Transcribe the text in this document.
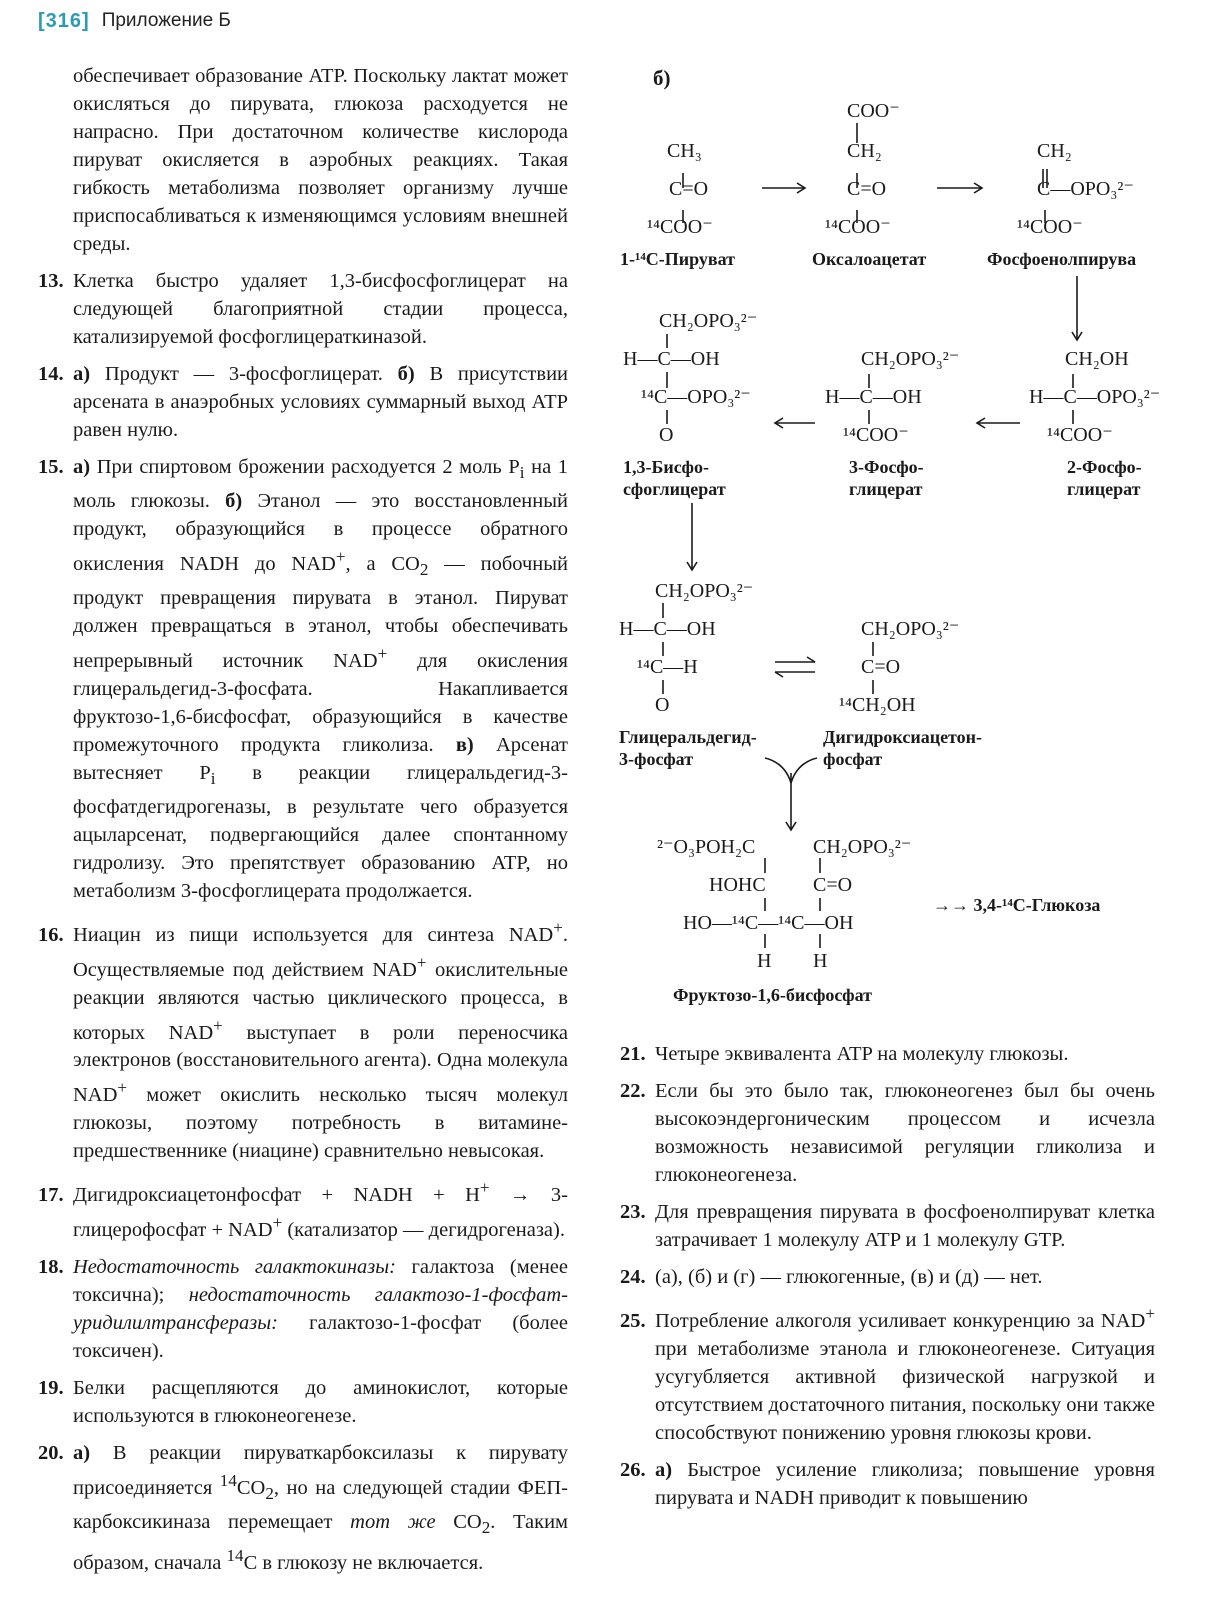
[316] Приложение Б

обеспечивает образование ATP. Поскольку лактат может окисляться до пирувата, глюкоза расходуется не напрасно. При достаточном количестве кислорода пируват окисляется в аэробных реакциях. Такая гибкость метаболизма позволяет организму лучше приспосабливаться к изменяющимся условиям внешней среды.

13. Клетка быстро удаляет 1,3-бисфосфоглицерат на следующей благоприятной стадии процесса, катализируемой фосфоглицераткиназой.

14. а) Продукт — 3-фосфоглицерат. б) В присутствии арсената в анаэробных условиях суммарный выход ATP равен нулю.

15. а) При спиртовом брожении расходуется 2 моль $P_i$ на 1 моль глюкозы. б) Этанол — это восстановленный продукт, образующийся в процессе обратного окисления NADH до NAD+, а $CO_2$ — побочный продукт превращения пирувата в этанол. Пируват должен превращаться в этанол, чтобы обеспечивать непрерывный источник NAD+ для окисления глицеральдегид-3-фосфата. Накапливается фруктозо-1,6-бисфосфат, образующийся в качестве промежуточного продукта гликолиза. в) Арсенат вытесняет $P_i$ в реакции глицеральдегид-3-фосфатдегидрогеназы, в результате чего образуется ацыларсенат, подвергающийся далее спонтанному гидролизу. Это препятствует образованию ATP, но метаболизм 3-фосфоглицерата продолжается.

16. Ниацин из пищи используется для синтеза NAD+. Осуществляемые под действием NAD+ окислительные реакции являются частью циклического процесса, в которых NAD+ выступает в роли переносчика электронов (восстановительного агента). Одна молекула NAD+ может окислить несколько тысяч молекул глюкозы, поэтому потребность в витамине-предшественнике (ниацине) сравнительно невысокая.

17. Дигидроксиацетонфосфат + NADH + H+ → 3-глицерофосфат + NAD+ (катализатор — дегидрогеназа).

18. Недостаточность галактокиназы: галактоза (менее токсична); недостаточность галактозо-1-фосфат-уридилилтрансферазы: галактозо-1-фосфат (более токсичен).

19. Белки расщепляются до аминокислот, которые используются в глюконеогенезе.

20. а) В реакции пируваткарбоксилазы к пирувату присоединяется $^{14}CO_2$, но на следующей стадии ФЕП-карбоксикиназа перемещает тот же $CO_2$. Таким образом, сначала $^{14}$C в глюкозу не включается.

б)
CH₃
C=O
¹⁴COO⁻
1-¹⁴C-Пируват
COO⁻
CH₂
C=O
¹⁴COO⁻
Оксалоацетат
CH₂
C—OPO₃²⁻
¹⁴COO⁻
Фосфоенолпирува
CH₂OPO₃²⁻
H—C—OH
¹⁴C—OPO₃²⁻
O
1,3-Бисфо-
сфоглицерат
CH₂OPO₃²⁻
H—C—OH
¹⁴COO⁻
3-Фосфо-
глицерат
CH₂OH
H—C—OPO₃²⁻
¹⁴COO⁻
2-Фосфо-
глицерат
CH₂OPO₃²⁻
H—C—OH
¹⁴C—H
O
Глицеральдегид-
3-фосфат
CH₂OPO₃²⁻
C=O
¹⁴CH₂OH
Дигидроксиацетон-
фосфат
²⁻O₃POH₂C
HOHC
HO—¹⁴C—¹⁴C—OH
H H
CH₂OPO₃²⁻
C=O
Фруктозо-1,6-бисфосфат
→→ 3,4-¹⁴C-Глюкоза

21. Четыре эквивалента ATP на молекулу глюкозы.

22. Если бы это было так, глюконеогенез был бы очень высокоэндергоническим процессом и исчезла возможность независимой регуляции гликолиза и глюконеогенеза.

23. Для превращения пирувата в фосфоенолпируват клетка затрачивает 1 молекулу ATP и 1 молекулу GTP.

24. (а), (б) и (г) — глюкогенные, (в) и (д) — нет.

25. Потребление алкоголя усиливает конкуренцию за NAD+ при метаболизме этанола и глюконеогенезе. Ситуация усугубляется активной физической нагрузкой и отсутствием достаточного питания, поскольку они также способствуют понижению уровня глюкозы крови.

26. а) Быстрое усиление гликолиза; повышение уровня пирувата и NADH приводит к повышению
